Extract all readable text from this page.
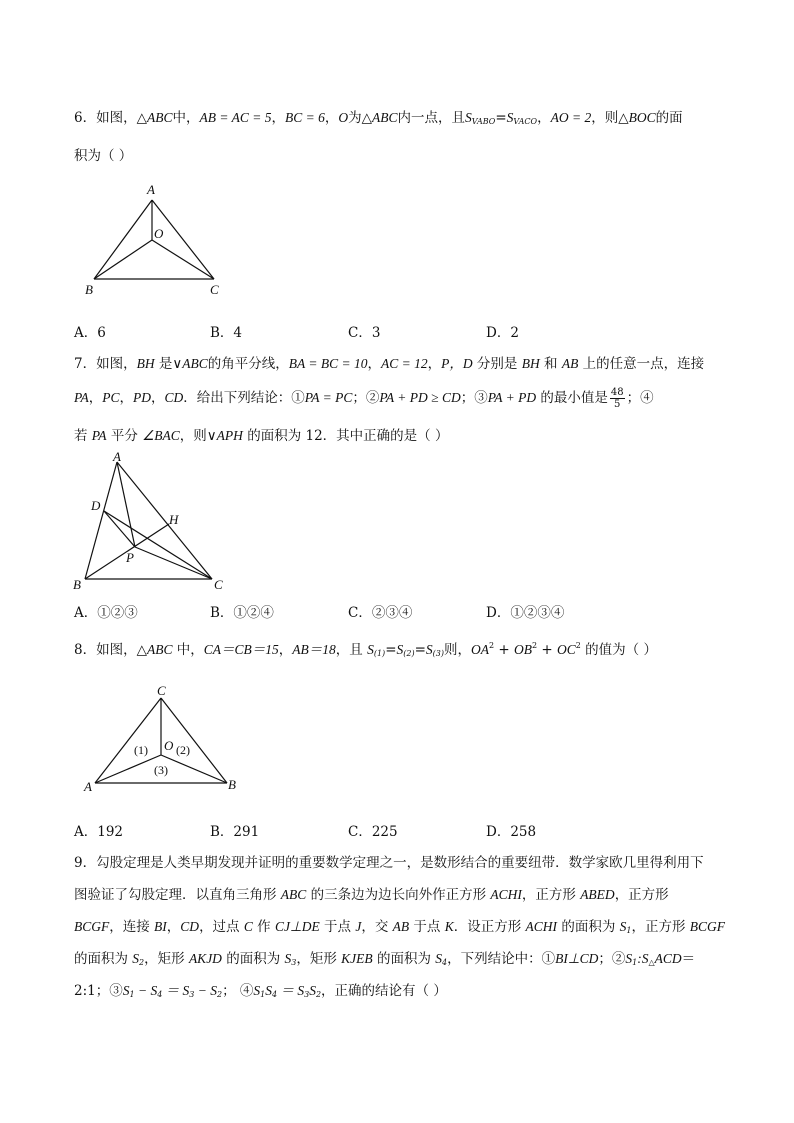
6．如图，△ABC中，AB = AC = 5，BC = 6，O为△ABC内一点，且$S_{VABO}=S_{VACO}$，AO = 2，则△BOC的面
积为（ ）
A
O
B	C
A．6	B．4	C．3	D．2
7．如图，BH 是∨ABC的角平分线，BA = BC = 10，AC = 12，P，D 分别是 BH 和 AB 上的任意一点，连接
PA，PC，PD，CD．给出下列结论：①PA = PC；②PA + PD ≥ CD；③PA + PD 的最小值是 $\frac{48}{5}$ ；④
若 PA 平分 ∠BAC，则∨APH 的面积为 12．其中正确的是（ ）
A
D
H
P
B	C
A．①②③	B．①②④	C．②③④	D．①②③④
8．如图，△ABC 中，CA＝CB＝15，AB＝18，且 $S_{(1)}=S_{(2)}=S_{(3)}$则，$OA^2 + OB^2 + OC^2$ 的值为（ ）
C
O
A	B
(1) (2)
(3)
A．192	B．291	C．225	D．258
9．勾股定理是人类早期发现并证明的重要数学定理之一，是数形结合的重要纽带．数学家欧几里得利用下
图验证了勾股定理．以直角三角形 ABC 的三条边为边长向外作正方形 ACHI，正方形 ABED，正方形
BCGF，连接 BI，CD，过点 C 作 CJ⊥DE 于点 J，交 AB 于点 K．设正方形 ACHI 的面积为 $S_1$，正方形 BCGF
的面积为 $S_2$，矩形 AKJD 的面积为 $S_3$，矩形 KJEB 的面积为 $S_4$，下列结论中：①BI⊥CD；$②S_1:S_\triangle ACD=$
2:1；$③S_1 - S_4 = S_3 - S_2$； $④S_1S_4 = S_3S_2$，正确的结论有（ ）
